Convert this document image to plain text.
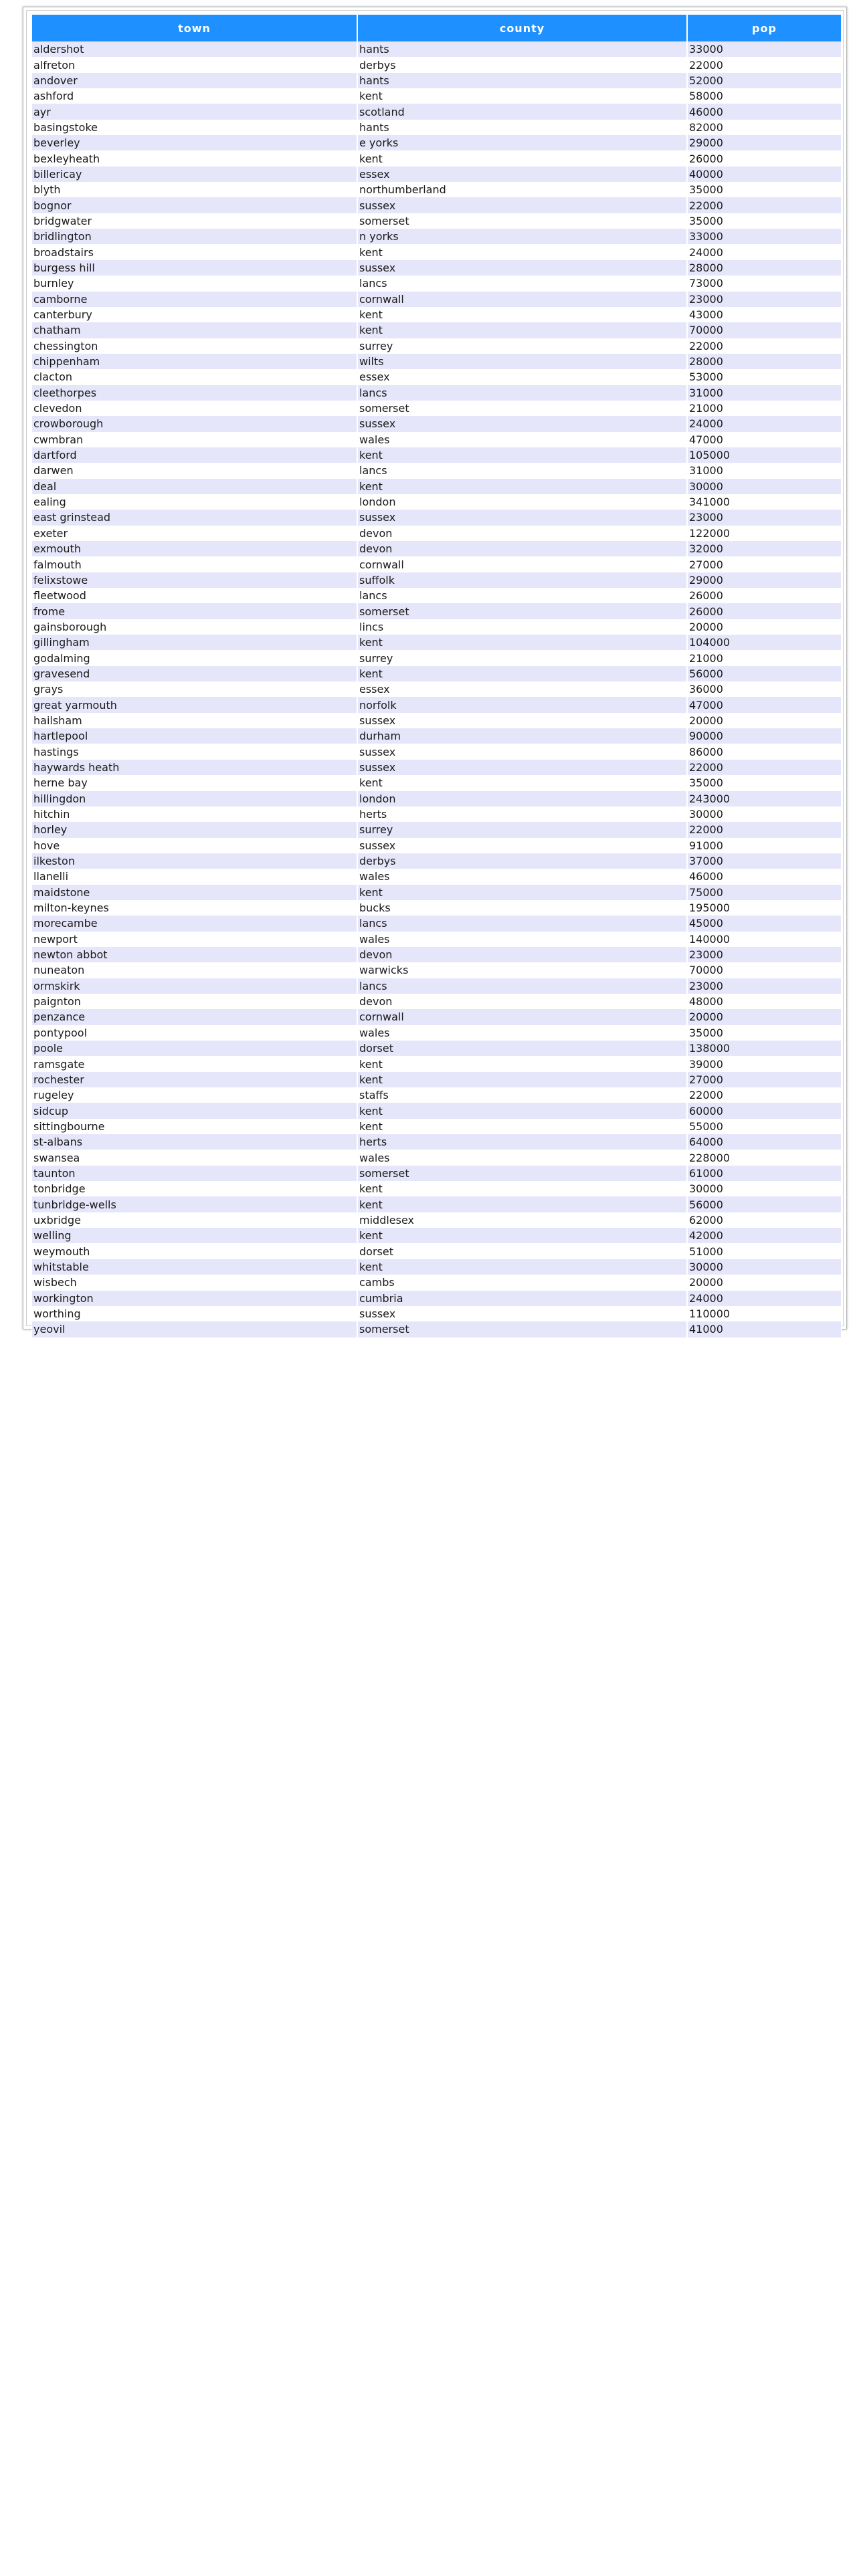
town	county	pop
aldershot	hants	33000
alfreton	derbys	22000
andover	hants	52000
ashford	kent	58000
ayr	scotland	46000
basingstoke	hants	82000
beverley	e yorks	29000
bexleyheath	kent	26000
billericay	essex	40000
blyth	northumberland	35000
bognor	sussex	22000
bridgwater	somerset	35000
bridlington	n yorks	33000
broadstairs	kent	24000
burgess hill	sussex	28000
burnley	lancs	73000
camborne	cornwall	23000
canterbury	kent	43000
chatham	kent	70000
chessington	surrey	22000
chippenham	wilts	28000
clacton	essex	53000
cleethorpes	lancs	31000
clevedon	somerset	21000
crowborough	sussex	24000
cwmbran	wales	47000
dartford	kent	105000
darwen	lancs	31000
deal	kent	30000
ealing	london	341000
east grinstead	sussex	23000
exeter	devon	122000
exmouth	devon	32000
falmouth	cornwall	27000
felixstowe	suffolk	29000
fleetwood	lancs	26000
frome	somerset	26000
gainsborough	lincs	20000
gillingham	kent	104000
godalming	surrey	21000
gravesend	kent	56000
grays	essex	36000
great yarmouth	norfolk	47000
hailsham	sussex	20000
hartlepool	durham	90000
hastings	sussex	86000
haywards heath	sussex	22000
herne bay	kent	35000
hillingdon	london	243000
hitchin	herts	30000
horley	surrey	22000
hove	sussex	91000
ilkeston	derbys	37000
llanelli	wales	46000
maidstone	kent	75000
milton-keynes	bucks	195000
morecambe	lancs	45000
newport	wales	140000
newton abbot	devon	23000
nuneaton	warwicks	70000
ormskirk	lancs	23000
paignton	devon	48000
penzance	cornwall	20000
pontypool	wales	35000
poole	dorset	138000
ramsgate	kent	39000
rochester	kent	27000
rugeley	staffs	22000
sidcup	kent	60000
sittingbourne	kent	55000
st-albans	herts	64000
swansea	wales	228000
taunton	somerset	61000
tonbridge	kent	30000
tunbridge-wells	kent	56000
uxbridge	middlesex	62000
welling	kent	42000
weymouth	dorset	51000
whitstable	kent	30000
wisbech	cambs	20000
workington	cumbria	24000
worthing	sussex	110000
yeovil	somerset	41000
